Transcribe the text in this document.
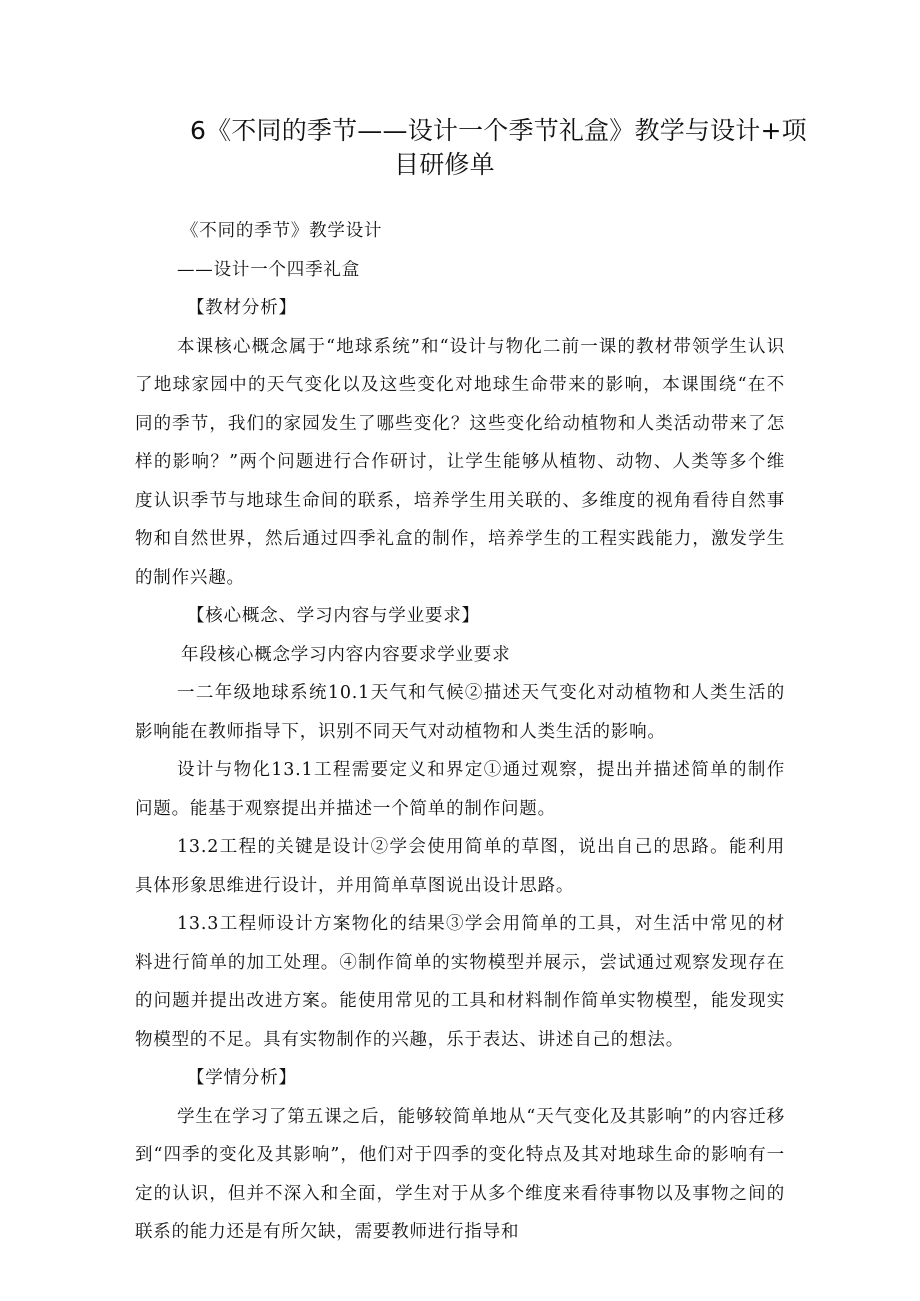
6《不同的季节——设计一个季节礼盒》教学与设计+项
目研修单

《不同的季节》教学设计

——设计一个四季礼盒

【教材分析】

本课核心概念属于“地球系统”和“设计与物化二前一课的教材带领学生认识了地球家园中的天气变化以及这些变化对地球生命带来的影响，本课围绕“在不同的季节，我们的家园发生了哪些变化？这些变化给动植物和人类活动带来了怎样的影响？”两个问题进行合作研讨，让学生能够从植物、动物、人类等多个维度认识季节与地球生命间的联系，培养学生用关联的、多维度的视角看待自然事物和自然世界，然后通过四季礼盒的制作，培养学生的工程实践能力，激发学生的制作兴趣。

【核心概念、学习内容与学业要求】

年段核心概念学习内容内容要求学业要求

一二年级地球系统10.1天气和气候②描述天气变化对动植物和人类生活的影响能在教师指导下，识别不同天气对动植物和人类生活的影响。

设计与物化13.1工程需要定义和界定①通过观察，提出并描述简单的制作问题。能基于观察提出并描述一个简单的制作问题。

13.2工程的关键是设计②学会使用简单的草图，说出自己的思路。能利用具体形象思维进行设计，并用简单草图说出设计思路。

13.3工程师设计方案物化的结果③学会用简单的工具，对生活中常见的材料进行简单的加工处理。④制作简单的实物模型并展示，尝试通过观察发现存在的问题并提出改进方案。能使用常见的工具和材料制作简单实物模型，能发现实物模型的不足。具有实物制作的兴趣，乐于表达、讲述自己的想法。

【学情分析】

学生在学习了第五课之后，能够较简单地从“天气变化及其影响”的内容迁移到“四季的变化及其影响”，他们对于四季的变化特点及其对地球生命的影响有一定的认识，但并不深入和全面，学生对于从多个维度来看待事物以及事物之间的联系的能力还是有所欠缺，需要教师进行指导和
